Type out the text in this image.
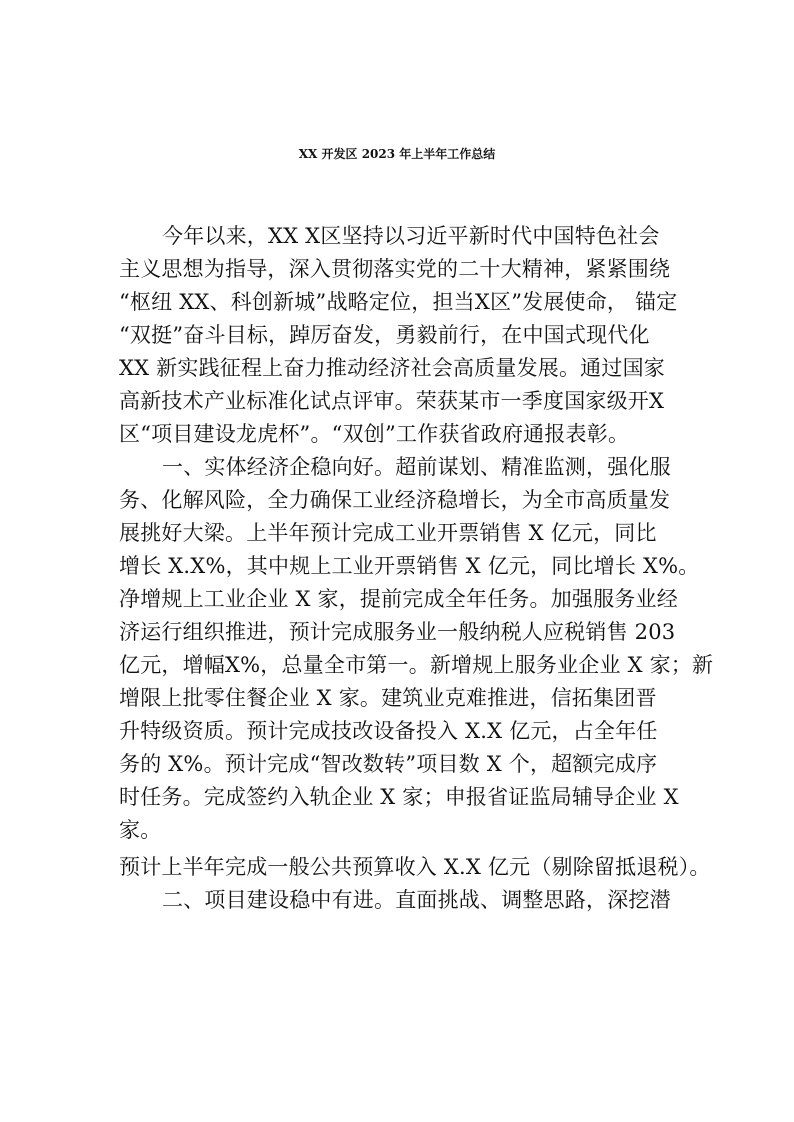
XX 开发区 2023 年上半年工作总结
今年以来，XX X区坚持以习近平新时代中国特色社会
主义思想为指导，深入贯彻落实党的二十大精神，紧紧围绕
“枢纽 XX、科创新城”战略定位，担当X区”发展使命， 锚定
“双挺”奋斗目标，踔厉奋发，勇毅前行，在中国式现代化
XX 新实践征程上奋力推动经济社会高质量发展。通过国家
高新技术产业标准化试点评审。荣获某市一季度国家级开X
区“项目建设龙虎杯”。“双创”工作获省政府通报表彰。
一、实体经济企稳向好。超前谋划、精准监测，强化服
务、化解风险，全力确保工业经济稳增长，为全市高质量发
展挑好大梁。上半年预计完成工业开票销售 X 亿元，同比
增长 X.X%，其中规上工业开票销售 X 亿元，同比增长 X%。
净增规上工业企业 X 家，提前完成全年任务。加强服务业经
济运行组织推进，预计完成服务业一般纳税人应税销售 203
亿元，增幅X%，总量全市第一。新增规上服务业企业 X 家；新
增限上批零住餐企业 X 家。建筑业克难推进，信拓集团晋
升特级资质。预计完成技改设备投入 X.X 亿元，占全年任
务的 X%。预计完成“智改数转”项目数 X 个，超额完成序
时任务。完成签约入轨企业 X 家；申报省证监局辅导企业 X
家。
预计上半年完成一般公共预算收入 X.X 亿元（剔除留抵退税）。
二、项目建设稳中有进。直面挑战、调整思路，深挖潜
